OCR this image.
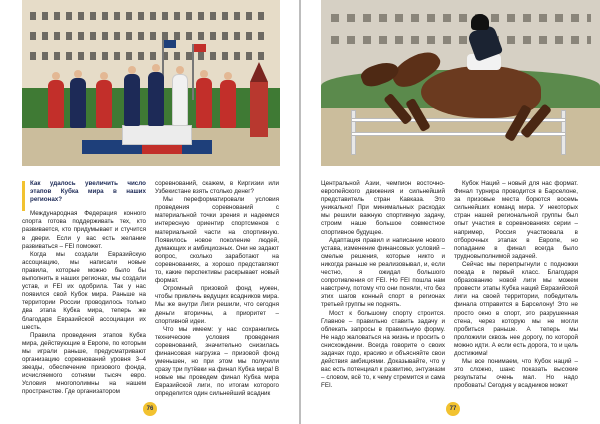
Как удалось увеличить число этапов Кубка мира в наших регионах?

Международная Федерация конного спорта готова поддерживать тех, кто развивается, кто придумывает и стучится в двери. Если у вас есть желание развиваться – FEI поможет.

Когда мы создали Евразийскую ассоциацию, мы написали новые правила, которые можно было бы выполнить в наших регионах, мы создали устав, и FEI их одобрила. Так у нас появился свой Кубок мира. Раньше на территории России проводилось только два этапа Кубка мира, теперь же благодаря Евразийской ассоциации их шесть.

Правила проведения этапов Кубка мира, действующие в Европе, по которым мы играли раньше, предусматривают организацию соревнований уровня 3–4 звезды, обеспечение призового фонда, исчисляемого сотнями тысяч евро. Условия многополимны на нашем пространстве. Где организатором

соревнований, скажем, в Киргизии или Узбекистане взять столько денег?

Мы переформатировали условия проведения соревнований с материальной точки зрения и надеемся интересную ориентир спортсменов с материальной части на спортивную. Появилось новое поколение людей, думающих и амбициозных. Они не задают вопрос, сколько заработают на соревнованиях, а хорошо представляют то, какие перспективы раскрывает новый формат.

Огромный призовой фонд нужен, чтобы привлечь ведущих всадников мира. Мы же внутри Лиги решили, что сегодня деньги вторичны, а приоритет – спортивной идеи.

Что мы имеем: у нас сохранились технические условия проведения соревнований, значительно снизилась финансовая нагрузка – призовой фонд уменьшен, но при этом мы получили сразу три путёвки на финал Кубка мира! В новые мы проведем финал Кубка мира Евразийской лиги, по итогам которого определится один сильнейший всадник

76

Центральной Азии, чемпион восточно-европейского движения и сильнейший представитель стран Кавказа. Это уникально! При минимальных расходах мы решили важную спортивную задачу, строим наше большое совместное спортивное будущее.

Адаптация правил и написание нового устава, изменение финансовых условий – смелые решения, которые никто и никогда раньше не реализовывал, и, если честно, я ожидал большого сопротивления от FEI. Но FEI пошла нам навстречу, потому что они поняли, что без этих шагов конный спорт в регионах третьей группы не поднять.

Мост к большому спорту строится. Главное – правильно ставить задачу и облекать запросы в правильную форму. Не надо жаловаться на жизнь и просить о снисхождении. Всегда говорите о своих задачах годо, красиво и объясняйте свои действия амбициями. Доказывайте, что у вас есть потенциал к развитию, энтузиазм – словом, всё то, к чему стремится и сама FEI.

Кубок Наций – новый для нас формат. Финал турнира проводится в Барселоне, за призовые места борются восемь сильнейших команд мира. У некоторых стран нашей региональной группы был опыт участия в соревнованиях серии – например, Россия участвовала в отборочных этапах в Европе, но попадание в финал всегда было трудновыполнимой задачей.

Сейчас мы перепрыгнули с подножки поезда в первый класс. Благодаря образованию новой лиги мы можем провести этапы Кубка наций Евразийской лиги на своей территории, победитель финала отправится в Барселону! Это не просто окно в спорт, это разрушенная стена, через которую мы не могли пробиться раньше. А теперь мы проложили сквозь нее дорогу, по которой можно идти. А если есть дорога, то и цель достижима!

Мы все понимаем, что Кубок наций – это сложно, шанс показать высокие результаты очень мал. Но надо пробовать! Сегодня у всадников может

77
